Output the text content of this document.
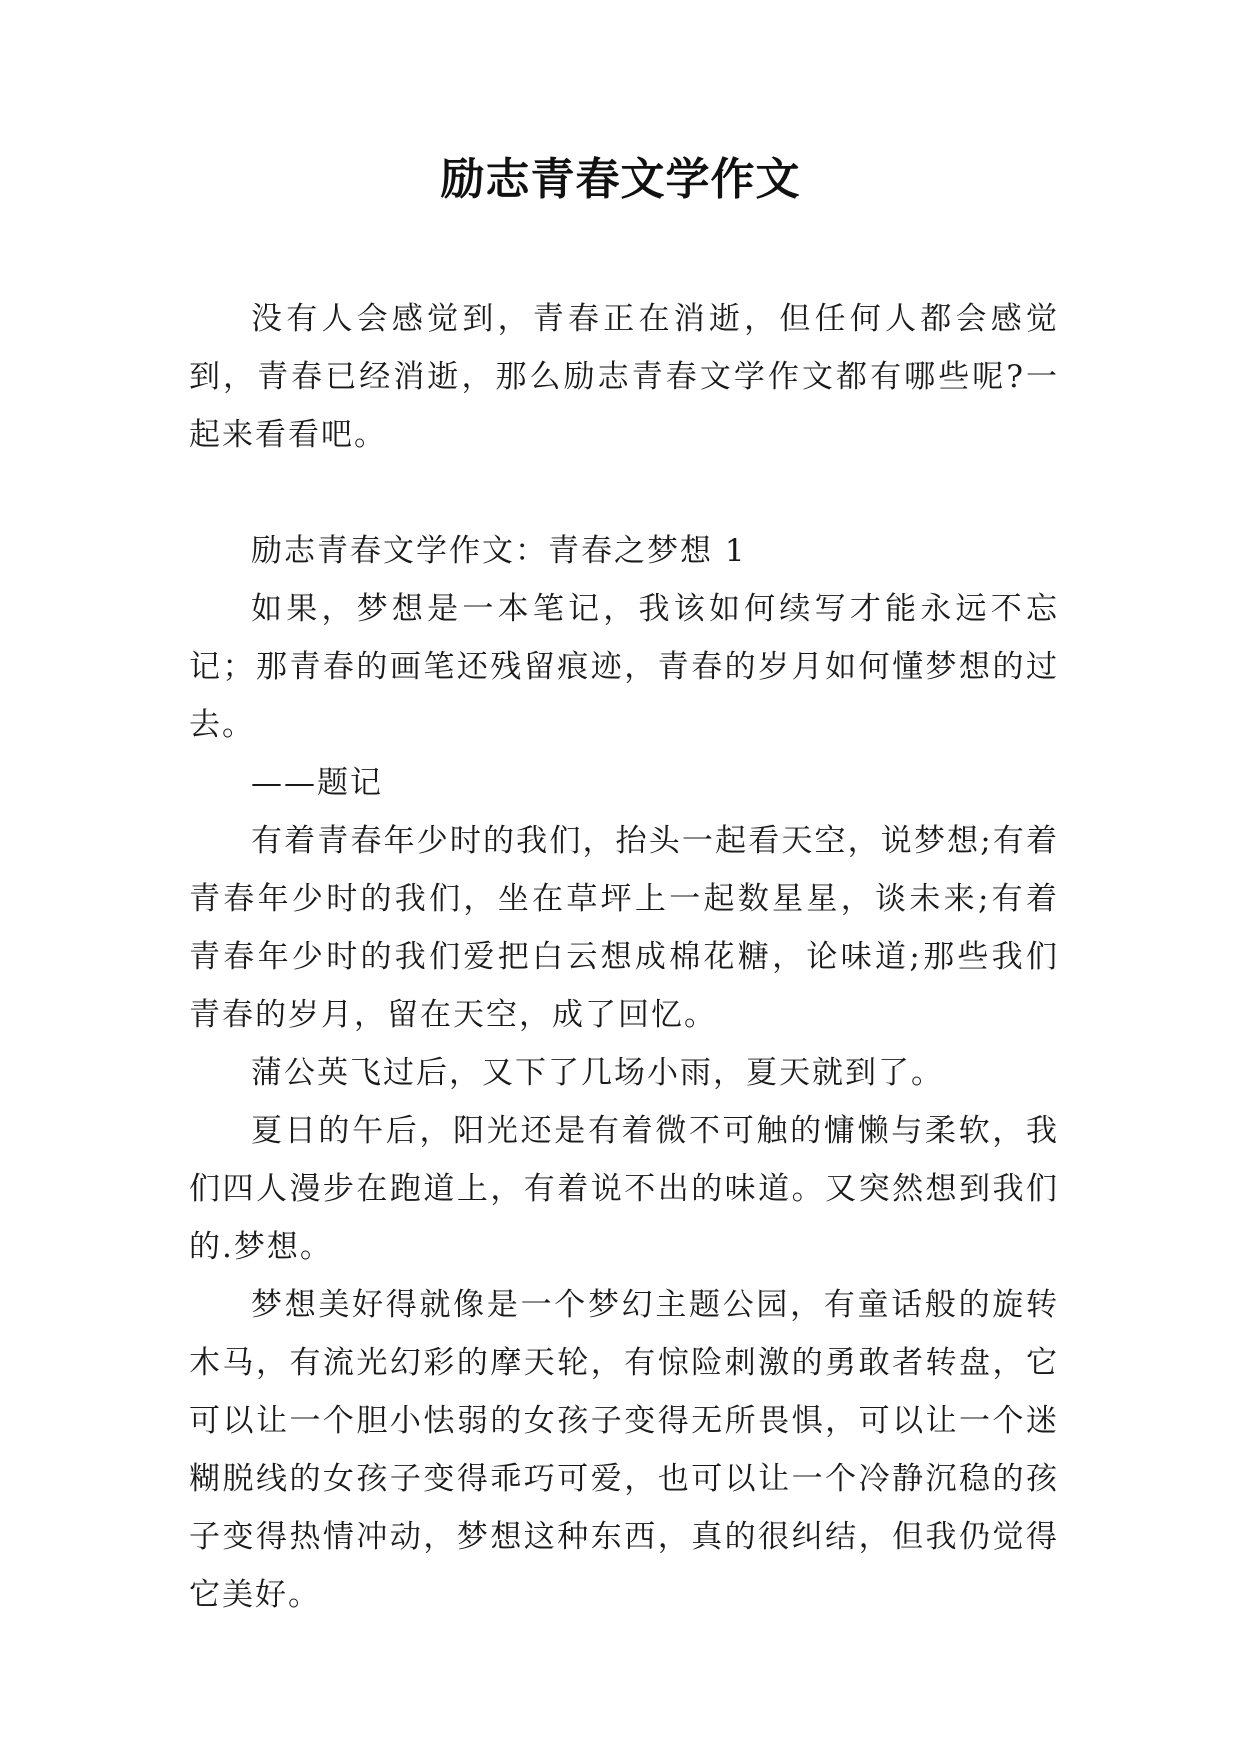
励志青春文学作文

没有人会感觉到，青春正在消逝，但任何人都会感觉到，青春已经消逝，那么励志青春文学作文都有哪些呢?一起来看看吧。

励志青春文学作文：青春之梦想 1

如果，梦想是一本笔记，我该如何续写才能永远不忘记；那青春的画笔还残留痕迹，青春的岁月如何懂梦想的过去。

——题记

有着青春年少时的我们，抬头一起看天空，说梦想;有着青春年少时的我们，坐在草坪上一起数星星，谈未来;有着青春年少时的我们爱把白云想成棉花糖，论味道;那些我们青春的岁月，留在天空，成了回忆。

蒲公英飞过后，又下了几场小雨，夏天就到了。

夏日的午后，阳光还是有着微不可触的慵懒与柔软，我们四人漫步在跑道上，有着说不出的味道。又突然想到我们的.梦想。

梦想美好得就像是一个梦幻主题公园，有童话般的旋转木马，有流光幻彩的摩天轮，有惊险刺激的勇敢者转盘，它可以让一个胆小怯弱的女孩子变得无所畏惧，可以让一个迷糊脱线的女孩子变得乖巧可爱，也可以让一个冷静沉稳的孩子变得热情冲动，梦想这种东西，真的很纠结，但我仍觉得它美好。
